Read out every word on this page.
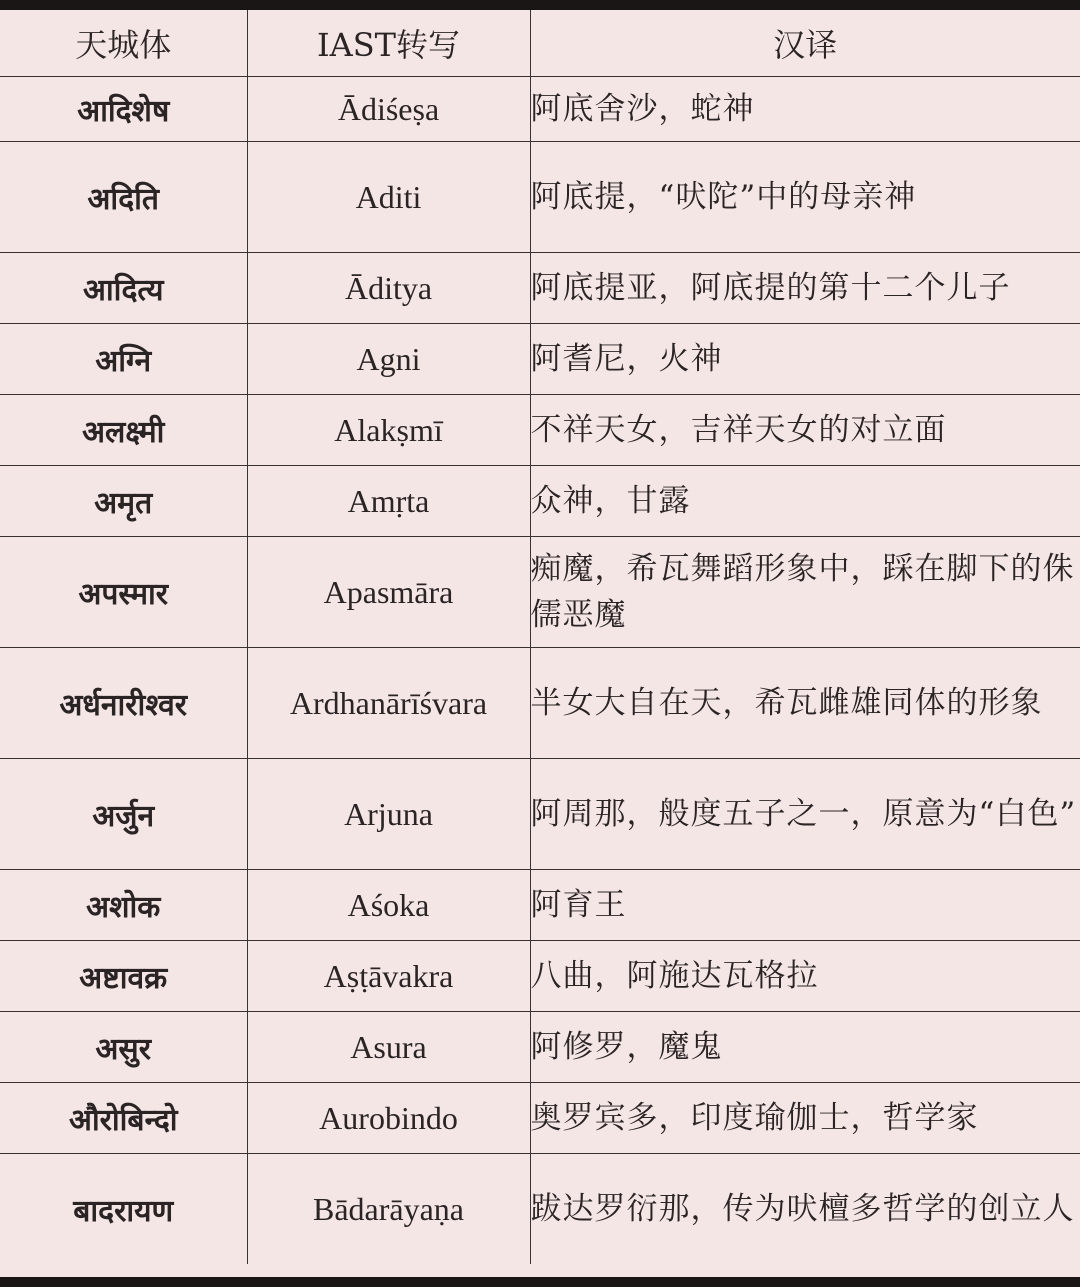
天城体	IAST转写	汉译
आदिशेष	Ādiśeṣa	阿底舍沙，蛇神
अदिति	Aditi	阿底提，“吠陀”中的母亲神
आदित्य	Āditya	阿底提亚，阿底提的第十二个儿子
अग्नि	Agni	阿耆尼，火神
अलक्ष्मी	Alakṣmī	不祥天女，吉祥天女的对立面
अमृत	Amṛta	众神，甘露
अपस्मार	Apasmāra	痴魔，希瓦舞蹈形象中，踩在脚下的侏儒恶魔
अर्धनारीश्वर	Ardhanārīśvara	半女大自在天，希瓦雌雄同体的形象
अर्जुन	Arjuna	阿周那，般度五子之一，原意为“白色”
अशोक	Aśoka	阿育王
अष्टावक्र	Aṣṭāvakra	八曲，阿施达瓦格拉
असुर	Asura	阿修罗，魔鬼
औरोबिन्दो	Aurobindo	奥罗宾多，印度瑜伽士，哲学家
बादरायण	Bādarāyaṇa	跋达罗衍那，传为吠檀多哲学的创立人
